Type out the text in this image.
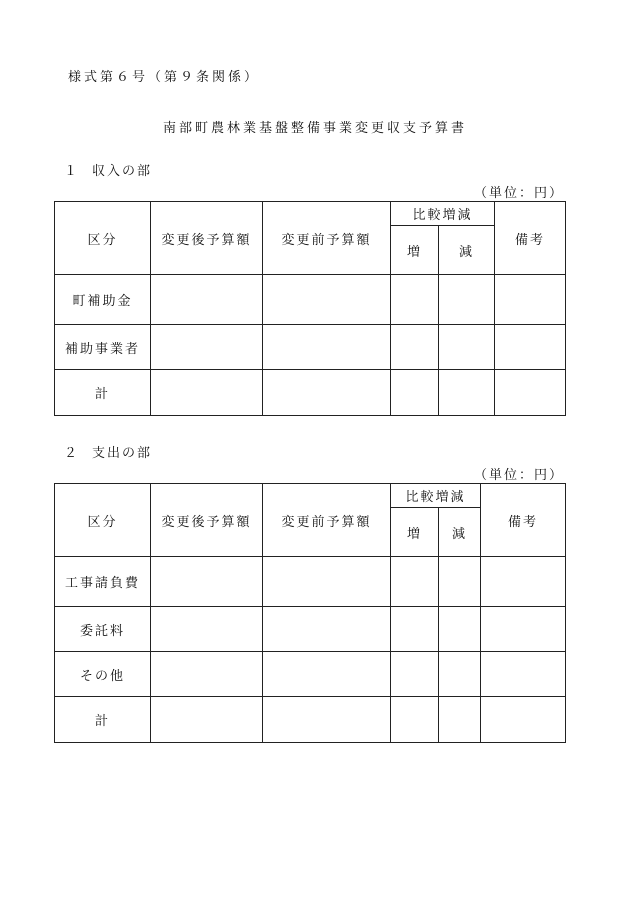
様式第６号（第９条関係）
南部町農林業基盤整備事業変更収支予算書
１ 収入の部
（単位：円）
区分	変更後予算額	変更前予算額	比較増減		備考
			増	減	
町補助金					
補助事業者					
計					
２ 支出の部
（単位：円）
区分	変更後予算額	変更前予算額	比較増減		備考
			増	減	
工事請負費					
委託料					
その他					
計					
